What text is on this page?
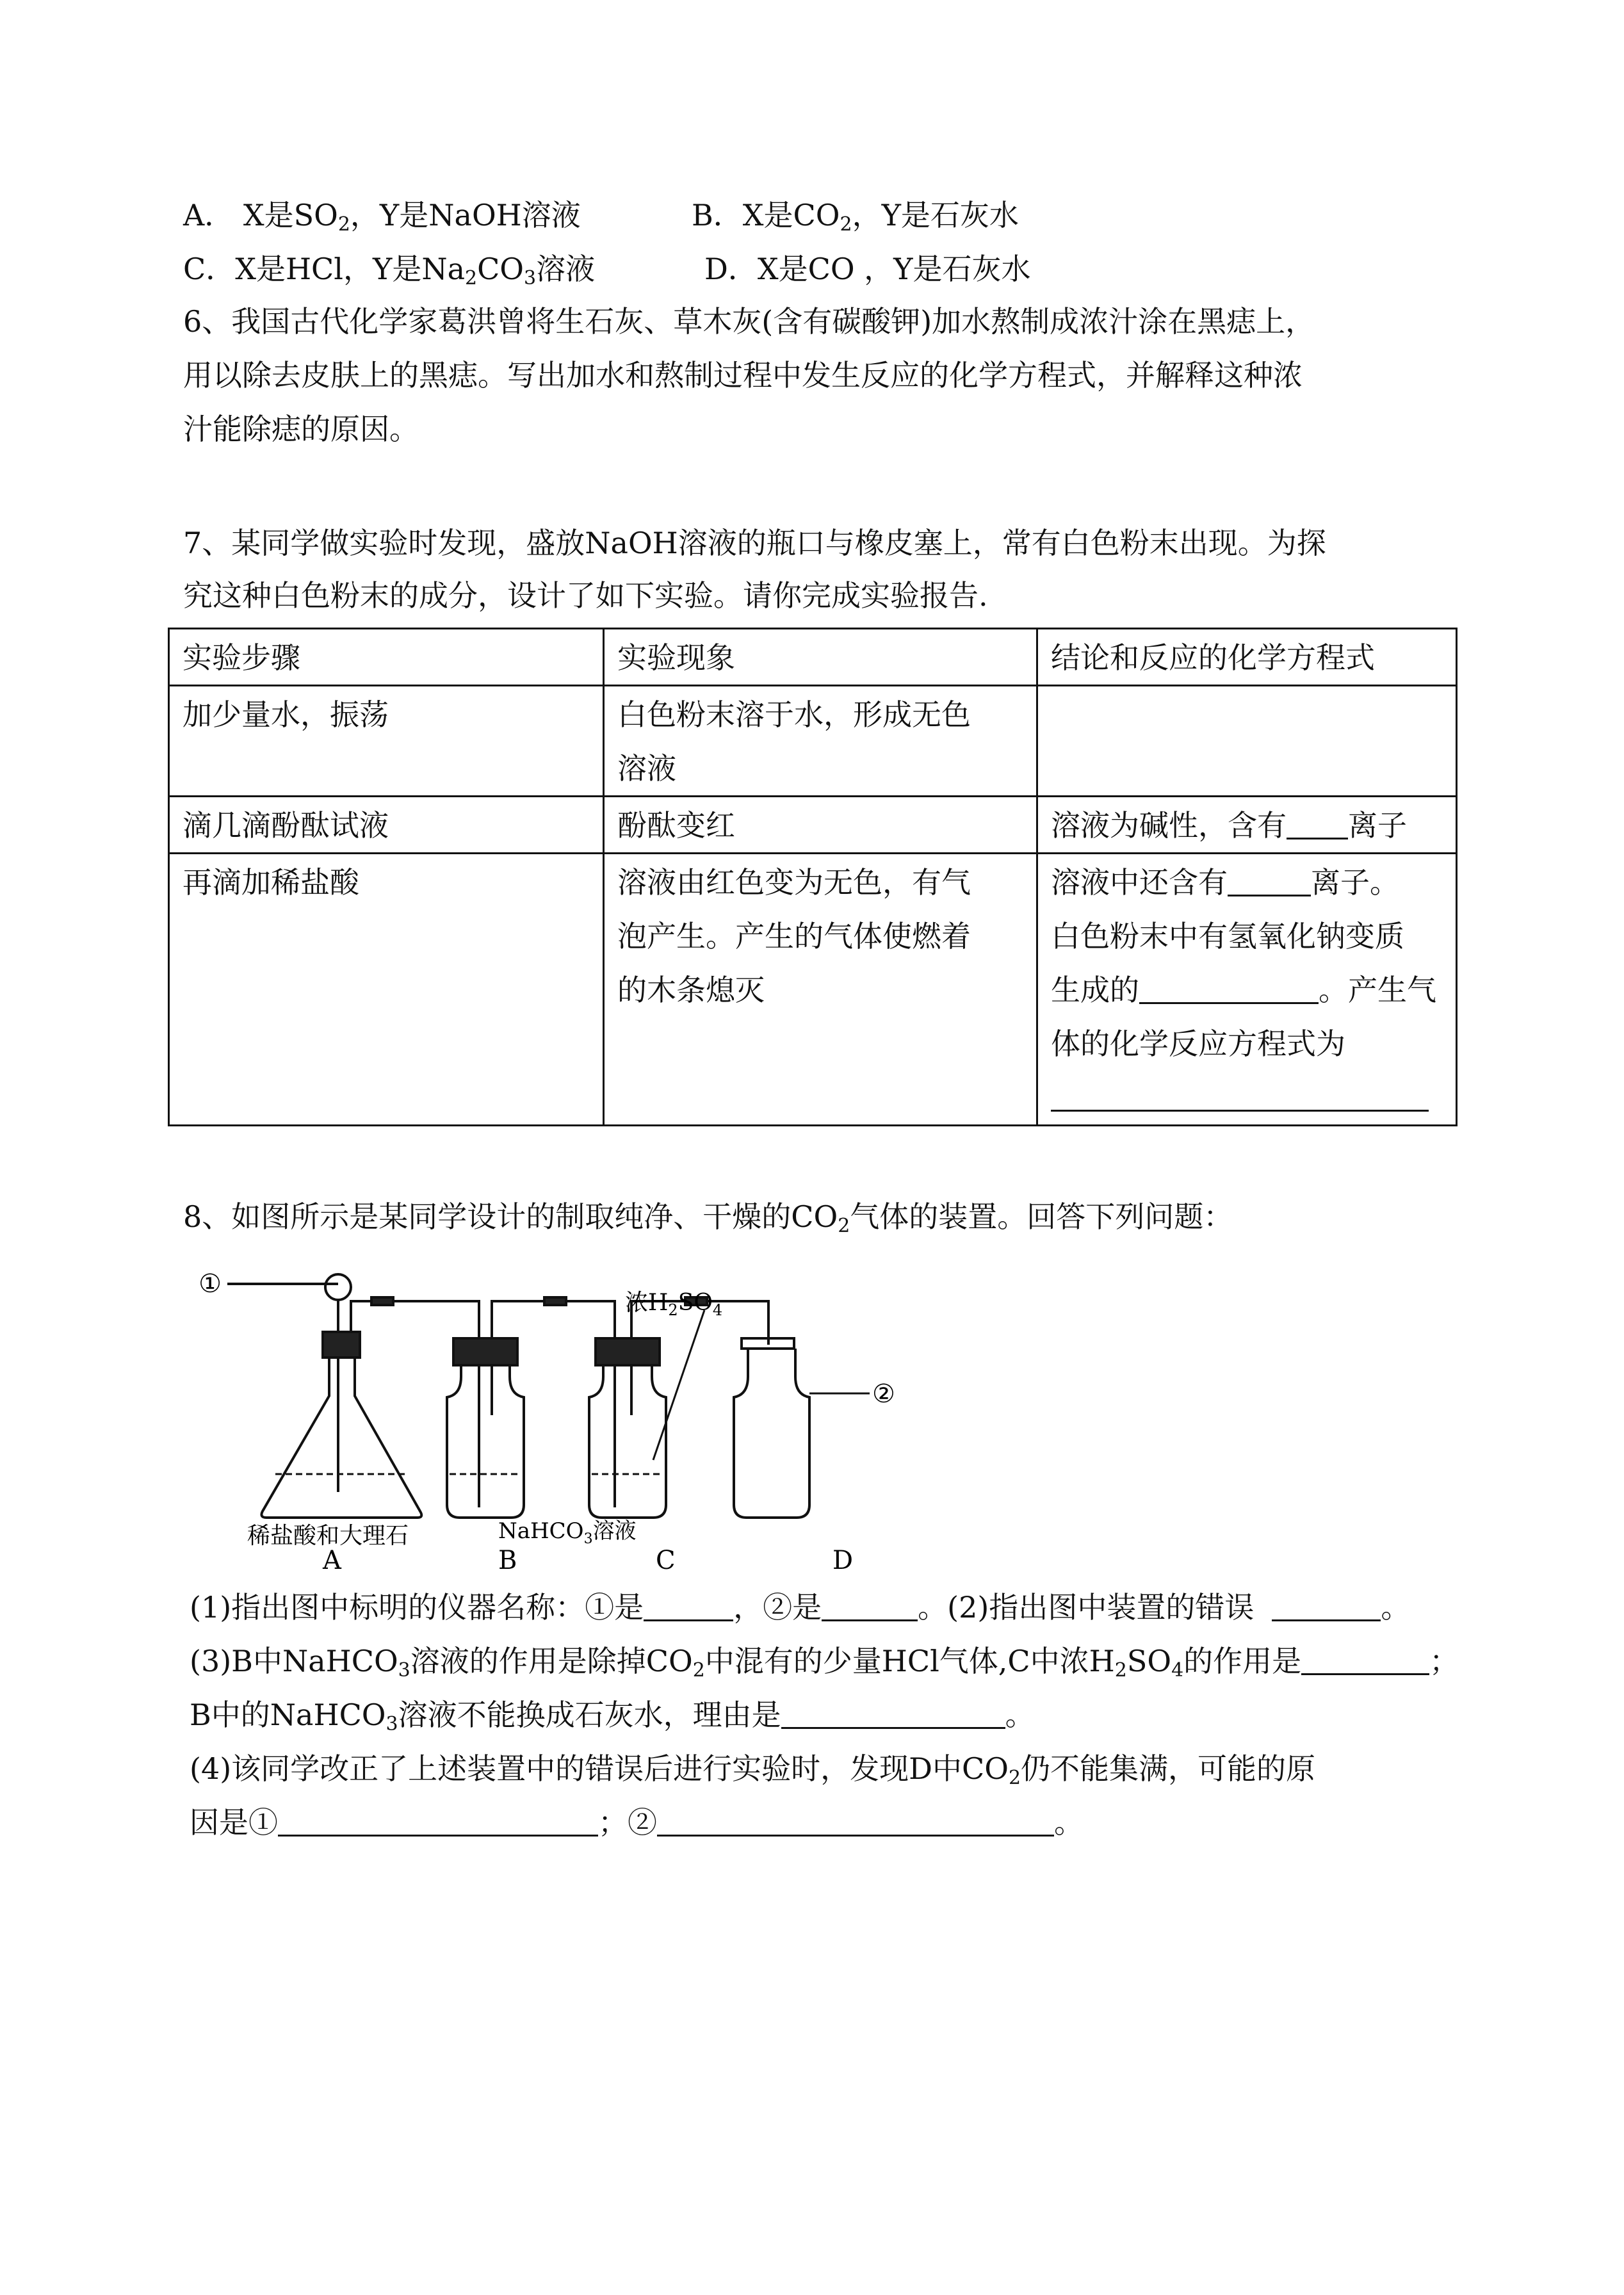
A． X是$SO_2$，Y是NaOH溶液	B．X是$CO_2$，Y是石灰水
C．X是HCl，Y是$Na_2CO_3$溶液	D．X是CO ，Y是石灰水
6、我国古代化学家葛洪曾将生石灰、草木灰(含有碳酸钾)加水熬制成浓汁涂在黑痣上，
用以除去皮肤上的黑痣。写出加水和熬制过程中发生反应的化学方程式，并解释这种浓
汁能除痣的原因。
7、某同学做实验时发现，盛放NaOH溶液的瓶口与橡皮塞上，常有白色粉末出现。为探
究这种白色粉末的成分，设计了如下实验。请你完成实验报告.
实验步骤	实验现象	结论和反应的化学方程式
加少量水，振荡	白色粉末溶于水，形成无色
溶液	

滴几滴酚酞试液	酚酞变红	溶液为碱性，含有 离子
再滴加稀盐酸	溶液由红色变为无色，有气
泡产生。产生的气体使燃着
的木条熄灭	溶液中还含有 离子。
白色粉末中有氢氧化钠变质
生成的 。产生气
体的化学反应方程式为
8、如图所示是某同学设计的制取纯净、干燥的$CO_2$气体的装置。回答下列问题：
①
②
浓$H_2SO_4$
稀盐酸和大理石	NaHCO$_3$溶液
A	B	C	D
(1)指出图中标明的仪器名称：①是	，②是	。(2)指出图中装置的错误	。
(3)B中NaHCO$_3$溶液的作用是除掉$CO_2$中混有的少量HCl气体,C中浓$H_2SO_4$的作用是	；
B中的NaHCO$_3$溶液不能换成石灰水，理由是	。
(4)该同学改正了上述装置中的错误后进行实验时，发现D中$CO_2$仍不能集满，可能的原
因是①	；②	。
